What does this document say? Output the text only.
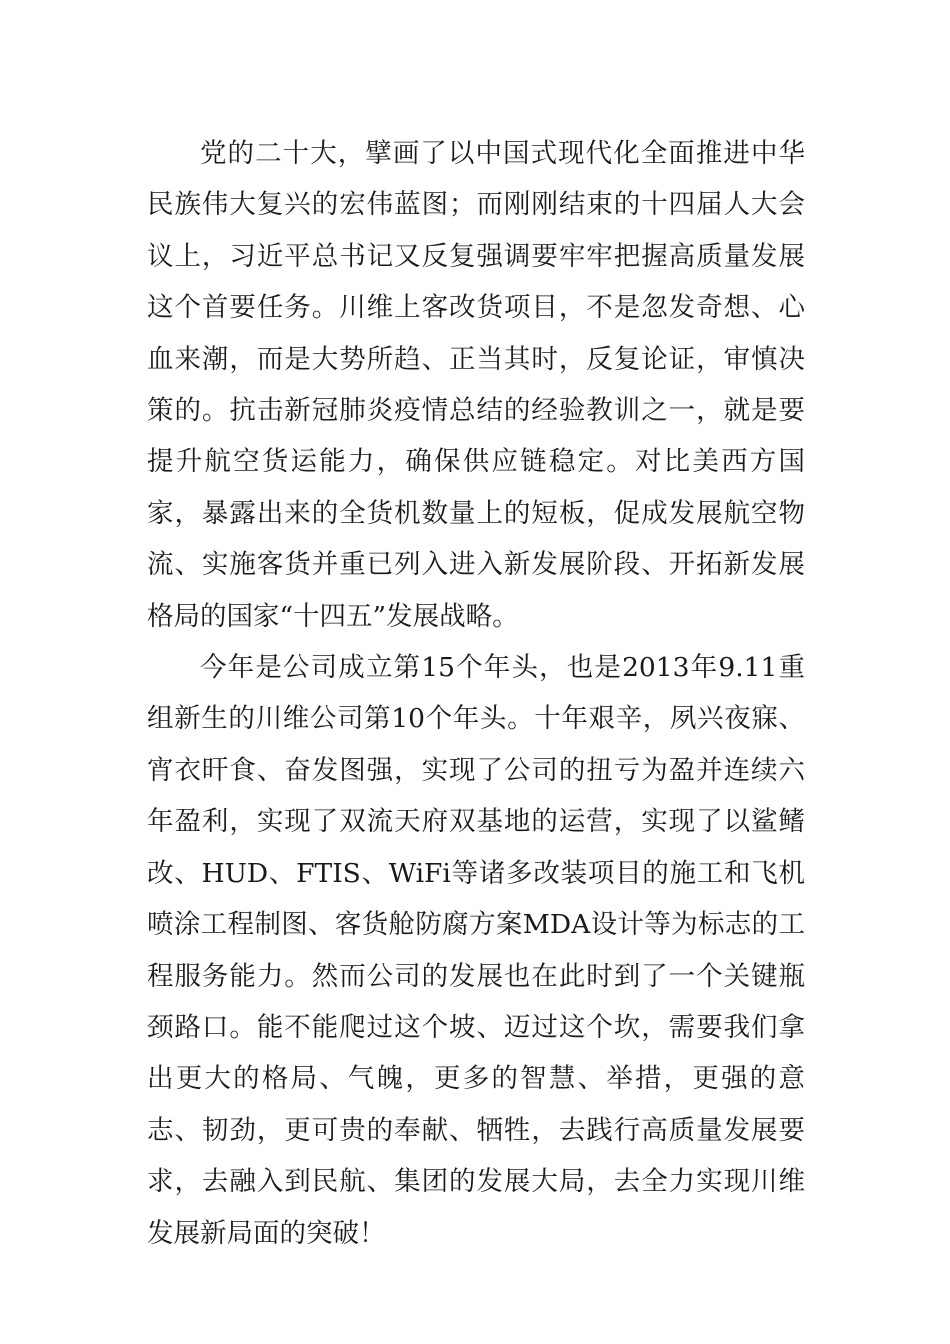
党的二十大，擘画了以中国式现代化全面推进中华民族伟大复兴的宏伟蓝图；而刚刚结束的十四届人大会议上，习近平总书记又反复强调要牢牢把握高质量发展这个首要任务。川维上客改货项目，不是忽发奇想、心血来潮，而是大势所趋、正当其时，反复论证，审慎决策的。抗击新冠肺炎疫情总结的经验教训之一，就是要提升航空货运能力，确保供应链稳定。对比美西方国家，暴露出来的全货机数量上的短板，促成发展航空物流、实施客货并重已列入进入新发展阶段、开拓新发展格局的国家“十四五”发展战略。

今年是公司成立第15个年头，也是2013年9.11重组新生的川维公司第10个年头。十年艰辛，夙兴夜寐、宵衣旰食、奋发图强，实现了公司的扭亏为盈并连续六年盈利，实现了双流天府双基地的运营，实现了以鲨鳍改、HUD、FTIS、WiFi等诸多改装项目的施工和飞机喷涂工程制图、客货舱防腐方案MDA设计等为标志的工程服务能力。然而公司的发展也在此时到了一个关键瓶颈路口。能不能爬过这个坡、迈过这个坎，需要我们拿出更大的格局、气魄，更多的智慧、举措，更强的意志、韧劲，更可贵的奉献、牺牲，去践行高质量发展要求，去融入到民航、集团的发展大局，去全力实现川维发展新局面的突破！
